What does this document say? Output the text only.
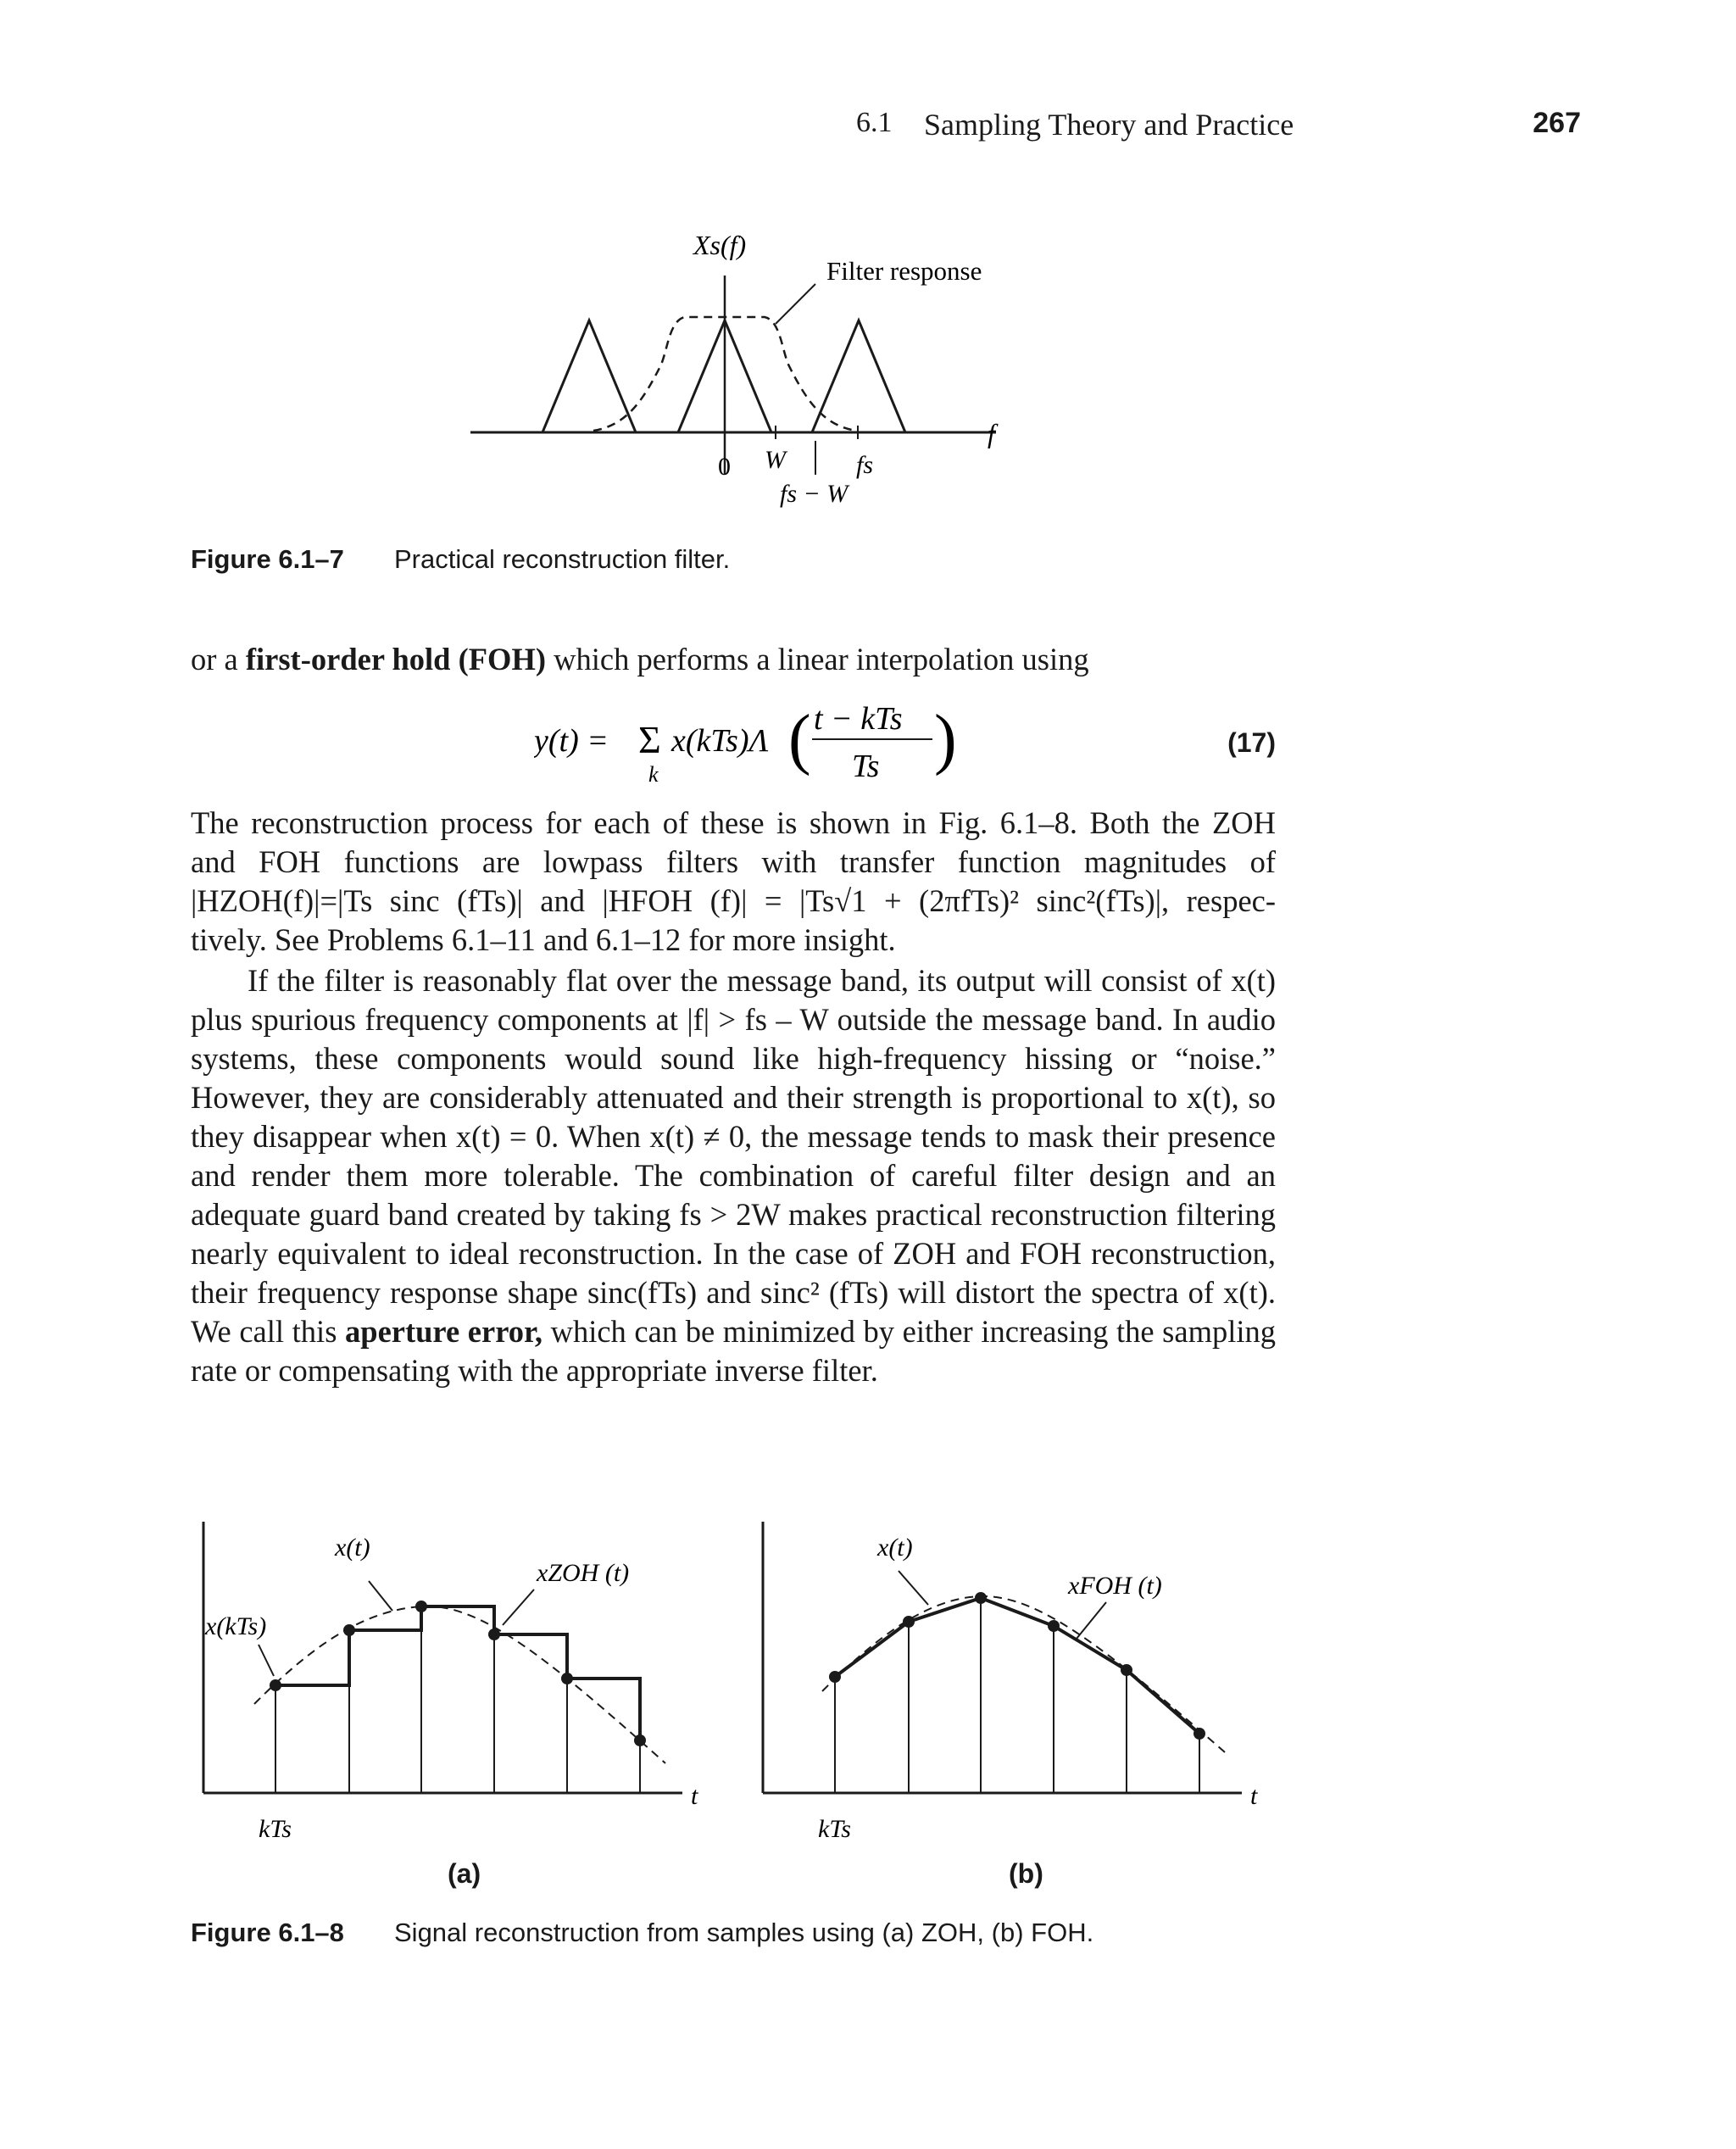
6.1 Sampling Theory and Practice	267
Xs(f)
Filter response
f
0 W	fs
fs − W
Figure 6.1–7 Practical reconstruction filter.
or a first-order hold (FOH) which performs a linear interpolation using
y(t) = Σ
k
x(kTs)Λ ( t − kTs
Ts )	(17)
The reconstruction process for each of these is shown in Fig. 6.1–8. Both the ZOH
and FOH functions are lowpass filters with transfer function magnitudes of
|HZOH(f)|=|Ts sinc (fTs)| and |HFOH (f)| = |Ts√1 + (2πfTs)² sinc²(fTs)|, respec-
tively. See Problems 6.1–11 and 6.1–12 for more insight.
If the filter is reasonably flat over the message band, its output will consist of x(t) plus spurious frequency components at |f| > fs – W outside the message band. In audio systems, these components would sound like high-frequency hissing or “noise.” However, they are considerably attenuated and their strength is proportional to x(t), so they disappear when x(t) = 0. When x(t) ≠ 0, the message tends to mask their presence and render them more tolerable. The combination of careful filter design and an adequate guard band created by taking fs > 2W makes practical reconstruction filtering nearly equivalent to ideal reconstruction. In the case of ZOH and FOH reconstruction, their frequency response shape sinc(fTs) and sinc² (fTs) will distort the spectra of x(t). We call this aperture error, which can be minimized by either increasing the sampling rate or compensating with the appropriate inverse filter.
x(kTs)
x(t)
xZOH (t)
t
kTs
(a)
x(t)
xFOH (t)
t
kTs
(b)
Figure 6.1–8 Signal reconstruction from samples using (a) ZOH, (b) FOH.
